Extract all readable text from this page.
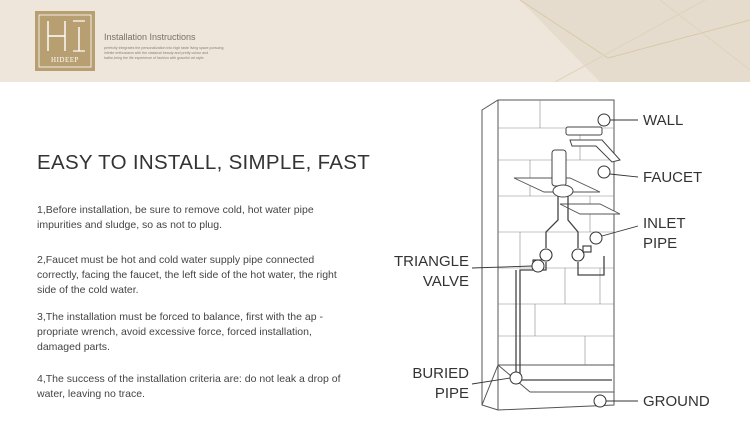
HIDEEP
Installation Instructions
perfectly integrates the personalization into high taste living space,pursuing infinite enthusiasm with the classical beauty and pretty colour and bathe,bring the life experience of fashion with graceful art style.
EASY TO INSTALL, SIMPLE, FAST
1,Before installation, be sure to remove cold, hot water pipe impurities and sludge, so as not to plug.
2,Faucet must be hot and cold water supply pipe connected correctly, facing the faucet, the left side of the hot water, the right side of the cold water.
3,The installation must be forced to balance, first with the ap -propriate wrench, avoid excessive force, forced installation, damaged parts.
4,The success of the installation criteria are: do not leak a drop of water, leaving no trace.
WALL
FAUCET
INLET
PIPE
TRIANGLE
VALVE
BURIED
PIPE	GROUND
